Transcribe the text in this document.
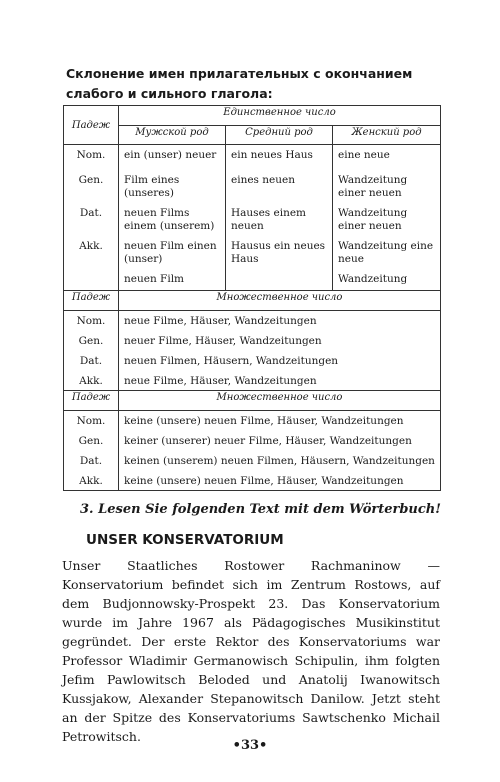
Склонение имен прилагательных с окончанием слабого и сильного глагола:
Падеж	Единственное число		
	Мужской род	Средний род	Женский род
Nom.	ein (unser) neuer	ein neues Haus	eine neue
Gen.	Film eines (unseres)	eines neuen	Wandzeitung einer neuen
Dat.	neuen Films einem (unserem)	Hauses einem neuen	Wandzeitung einer neuen
Akk.	neuen Film einen (unser)	Hausus ein neues Haus	Wandzeitung eine neue
	neuen Film		Wandzeitung
Падеж	Множественное число		
Nom.	neue Filme, Häuser, Wandzeitungen		
Gen.	neuer Filme, Häuser, Wandzeitungen		
Dat.	neuen Filmen, Häusern, Wandzeitungen		
Akk.	neue Filme, Häuser, Wandzeitungen		
Падеж	Множественное число		
Nom.	keine (unsere) neuen Filme, Häuser, Wandzeitungen		
Gen.	keiner (unserer) neuer Filme, Häuser, Wandzeitungen		
Dat.	keinen (unserem) neuen Filmen, Häusern, Wandzeitungen		
Akk.	keine (unsere) neuen Filme, Häuser, Wandzeitungen		
3. Lesen Sie folgenden Text mit dem Wörterbuch!
UNSER KONSERVATORIUM
Unser Staatliches Rostower Rachmaninow — Konservatorium befindet sich im Zentrum Rostows, auf dem Budjonnowsky-Prospekt 23. Das Konservatorium wurde im Jahre 1967 als Pädagogisches Musikinstitut gegründet. Der erste Rektor des Konservatoriums war Professor Wladimir Germanowisch Schipulin, ihm folgten Jefim Pawlowitsch Beloded und Anatolij Iwanowitsch Kussjakow, Alexander Stepanowitsch Danilow. Jetzt steht an der Spitze des Konservatoriums Sawtschenko Michail Petrowitsch.
•33•
